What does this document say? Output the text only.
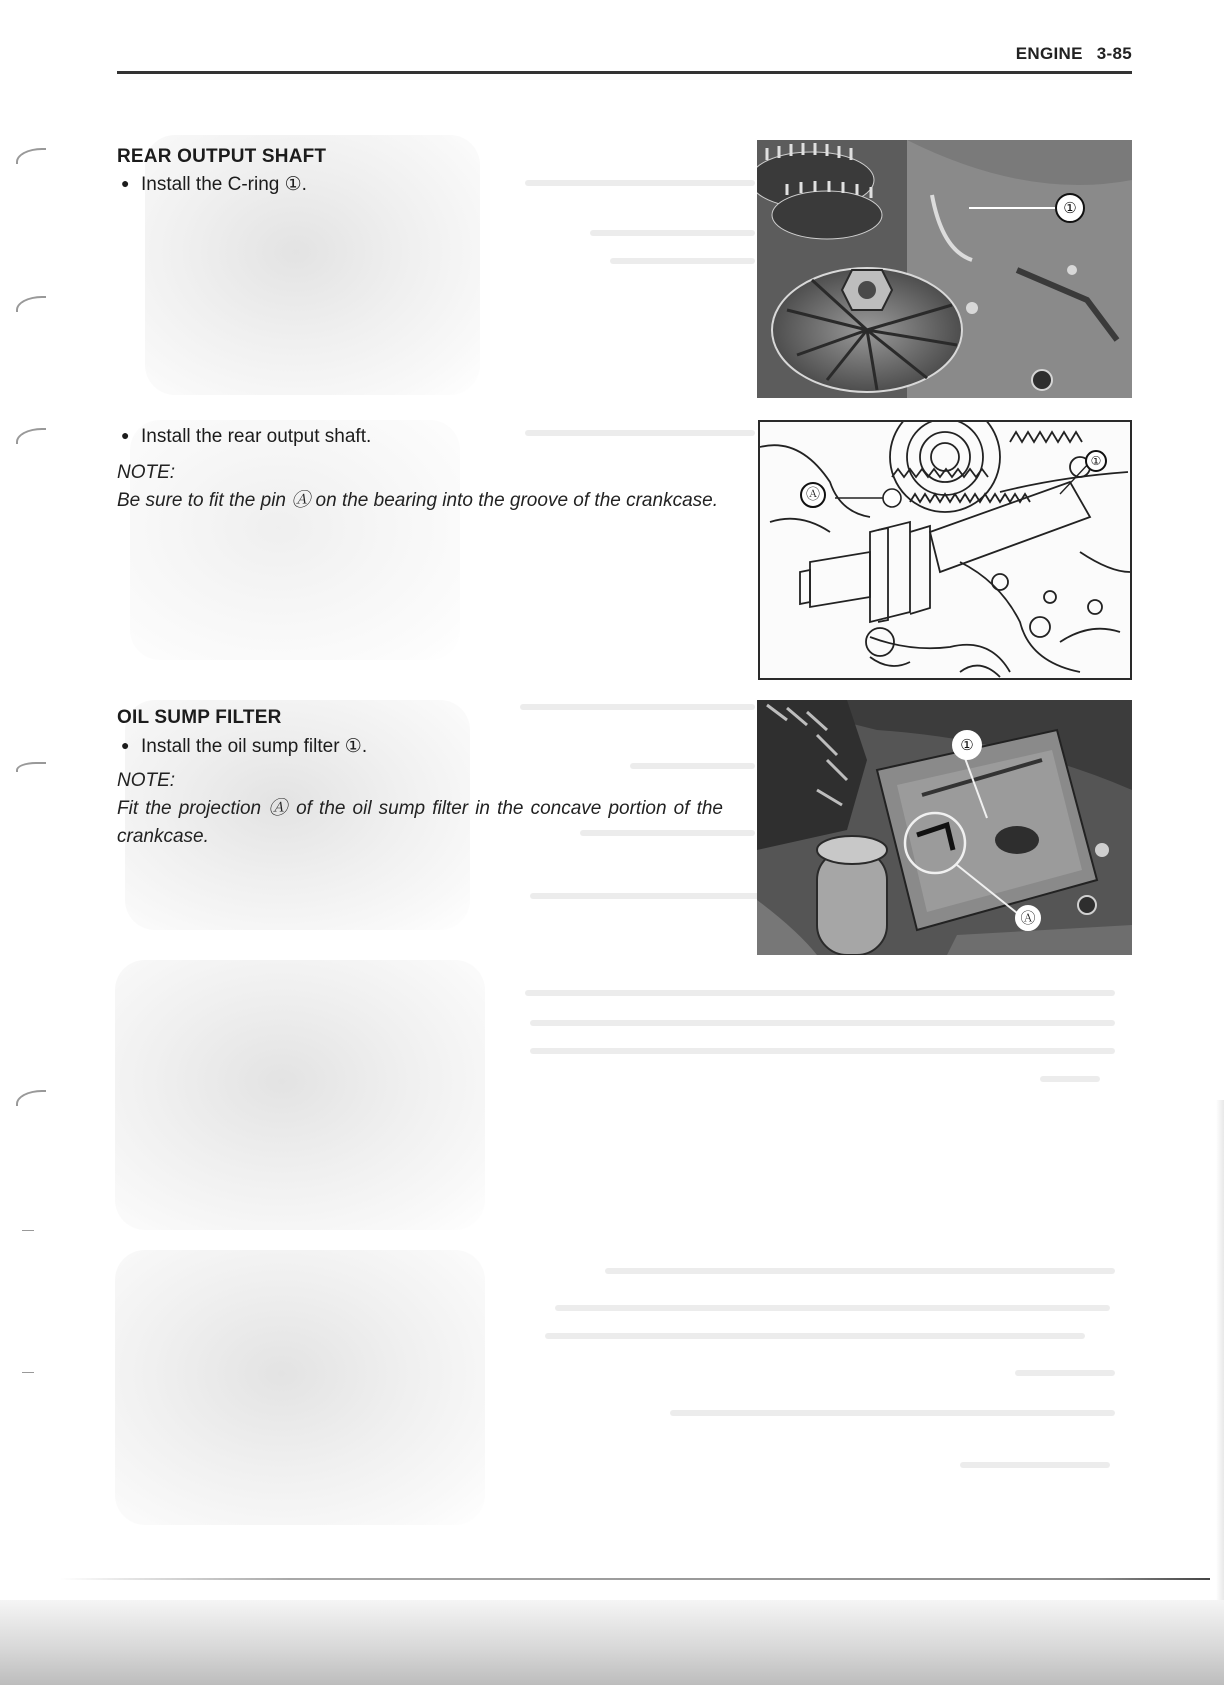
ENGINE 3-85
REAR OUTPUT SHAFT
● Install the C-ring ①.
● Install the rear output shaft.
NOTE:
Be sure to fit the pin Ⓐ on the bearing into the groove of the crankcase.
OIL SUMP FILTER
● Install the oil sump filter ①.
NOTE:
Fit the projection Ⓐ of the oil sump filter in the concave portion of the crankcase.
①
Ⓐ
①
①
Ⓐ
